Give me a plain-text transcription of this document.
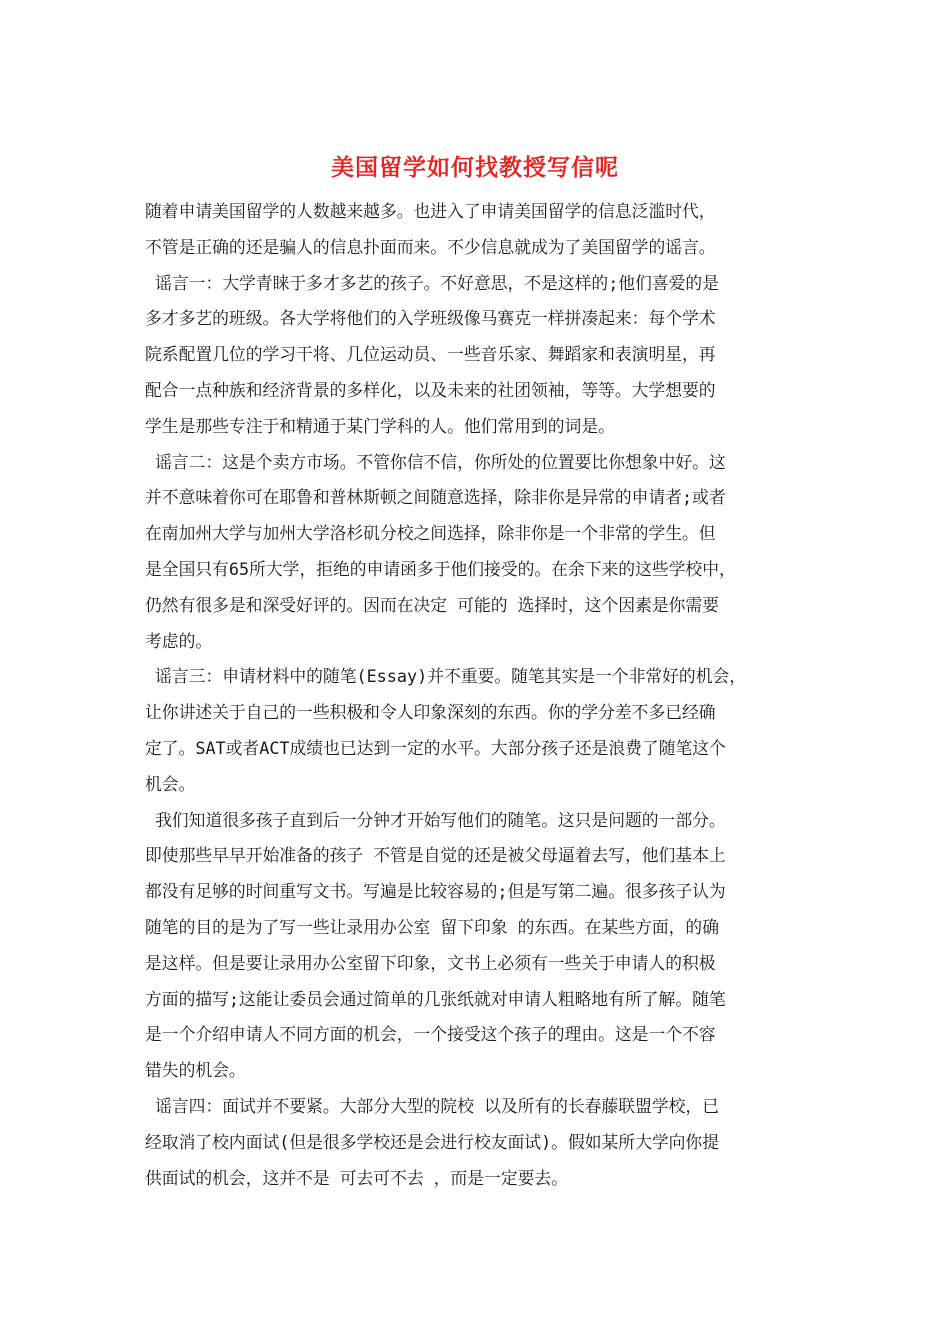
美国留学如何找教授写信呢
随着申请美国留学的人数越来越多。也进入了申请美国留学的信息泛滥时代，
不管是正确的还是骗人的信息扑面而来。不少信息就成为了美国留学的谣言。
谣言一：大学青睐于多才多艺的孩子。不好意思，不是这样的;他们喜爱的是
多才多艺的班级。各大学将他们的入学班级像马赛克一样拼凑起来：每个学术
院系配置几位的学习干将、几位运动员、一些音乐家、舞蹈家和表演明星，再
配合一点种族和经济背景的多样化，以及未来的社团领袖，等等。大学想要的
学生是那些专注于和精通于某门学科的人。他们常用到的词是。
谣言二：这是个卖方市场。不管你信不信，你所处的位置要比你想象中好。这
并不意味着你可在耶鲁和普林斯顿之间随意选择，除非你是异常的申请者;或者
在南加州大学与加州大学洛杉矶分校之间选择，除非你是一个非常的学生。但
是全国只有65所大学，拒绝的申请函多于他们接受的。在余下来的这些学校中，
仍然有很多是和深受好评的。因而在决定 可能的 选择时，这个因素是你需要
考虑的。
谣言三：申请材料中的随笔(Essay)并不重要。随笔其实是一个非常好的机会，
让你讲述关于自己的一些积极和令人印象深刻的东西。你的学分差不多已经确
定了。SAT或者ACT成绩也已达到一定的水平。大部分孩子还是浪费了随笔这个
机会。
我们知道很多孩子直到后一分钟才开始写他们的随笔。这只是问题的一部分。
即使那些早早开始准备的孩子 不管是自觉的还是被父母逼着去写，他们基本上
都没有足够的时间重写文书。写遍是比较容易的;但是写第二遍。很多孩子认为
随笔的目的是为了写一些让录用办公室 留下印象 的东西。在某些方面，的确
是这样。但是要让录用办公室留下印象，文书上必须有一些关于申请人的积极
方面的描写;这能让委员会通过简单的几张纸就对申请人粗略地有所了解。随笔
是一个介绍申请人不同方面的机会，一个接受这个孩子的理由。这是一个不容
错失的机会。
谣言四：面试并不要紧。大部分大型的院校 以及所有的长春藤联盟学校，已
经取消了校内面试(但是很多学校还是会进行校友面试)。假如某所大学向你提
供面试的机会，这并不是 可去可不去 ，而是一定要去。
